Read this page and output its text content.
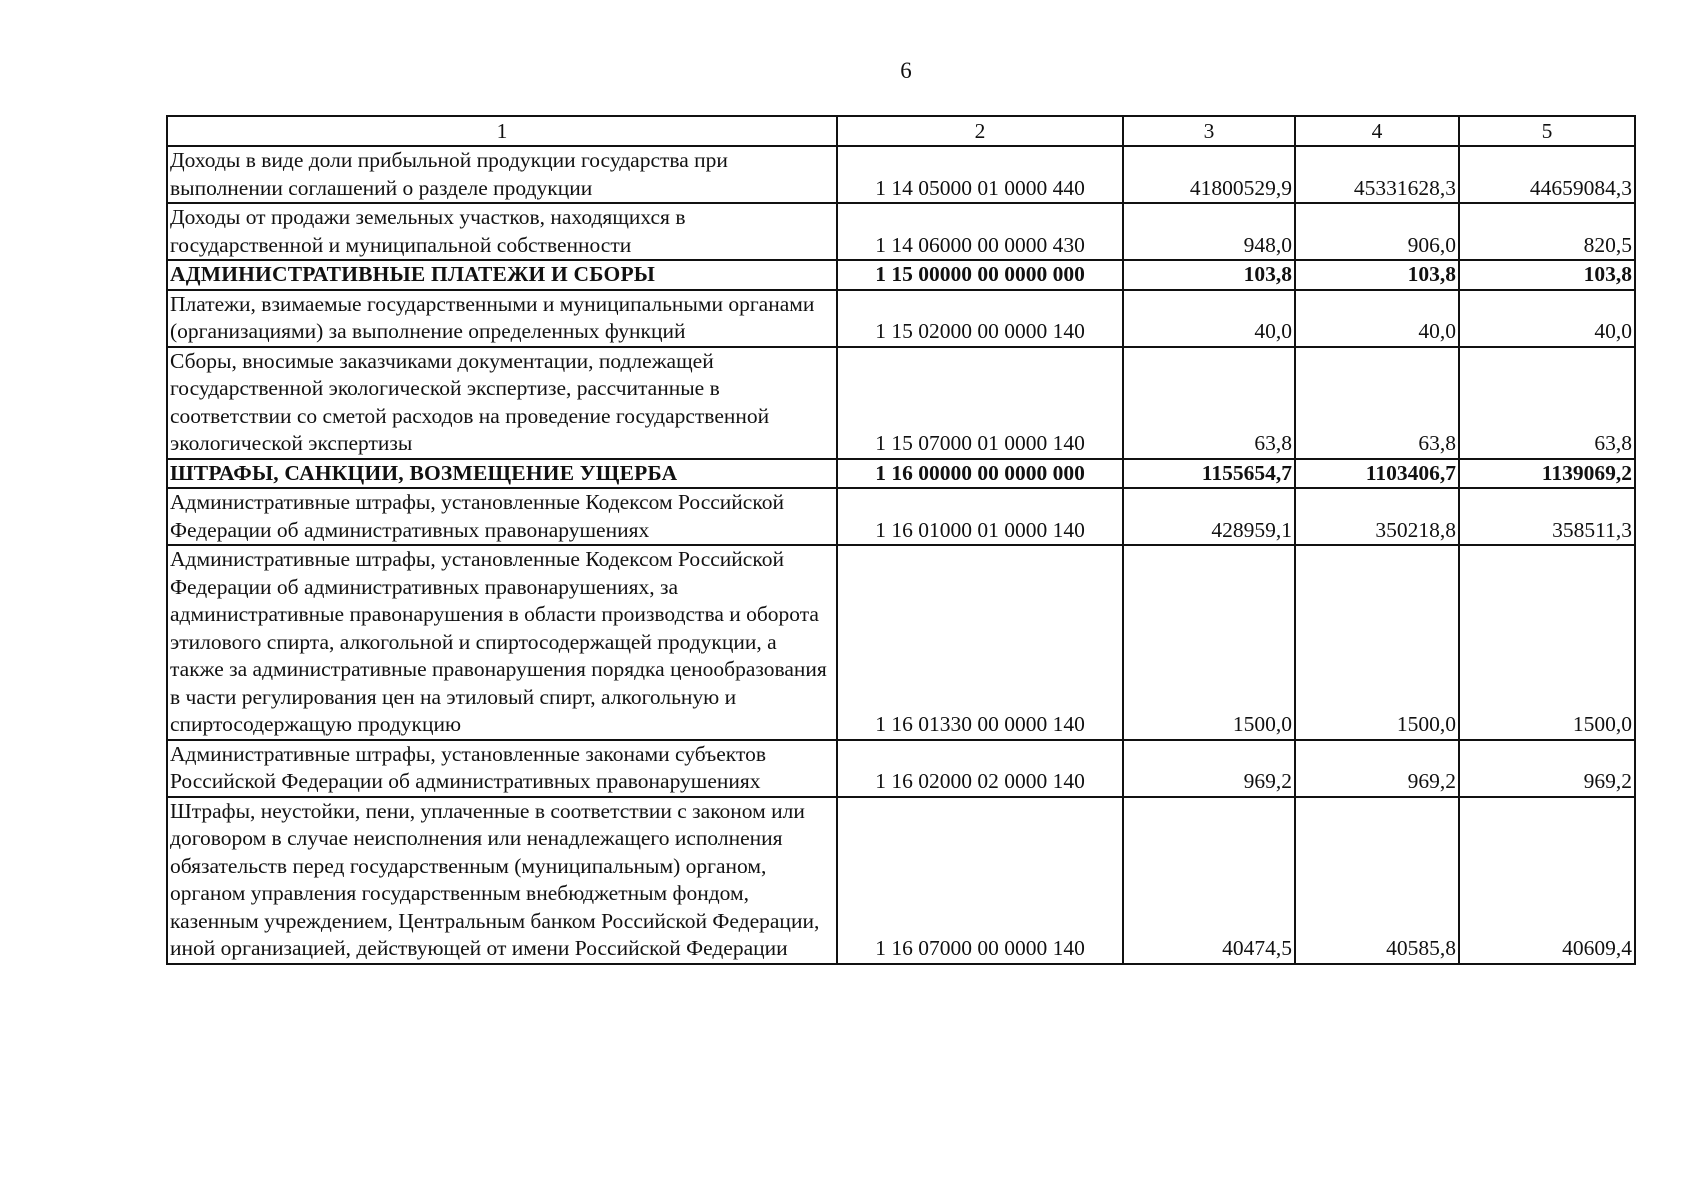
6
1	2	3	4	5
Доходы в виде доли прибыльной продукции государства при выполнении соглашений о разделе продукции	1 14 05000 01 0000 440	41800529,9	45331628,3	44659084,3
Доходы от продажи земельных участков, находящихся в государственной и муниципальной собственности	1 14 06000 00 0000 430	948,0	906,0	820,5
АДМИНИСТРАТИВНЫЕ ПЛАТЕЖИ И СБОРЫ	1 15 00000 00 0000 000	103,8	103,8	103,8
Платежи, взимаемые государственными и муниципальными органами (организациями) за выполнение определенных функций	1 15 02000 00 0000 140	40,0	40,0	40,0
Сборы, вносимые заказчиками документации, подлежащей государственной экологической экспертизе, рассчитанные в соответствии со сметой расходов на проведение государственной экологической экспертизы	1 15 07000 01 0000 140	63,8	63,8	63,8
ШТРАФЫ, САНКЦИИ, ВОЗМЕЩЕНИЕ УЩЕРБА	1 16 00000 00 0000 000	1155654,7	1103406,7	1139069,2
Административные штрафы, установленные Кодексом Российской Федерации об административных правонарушениях	1 16 01000 01 0000 140	428959,1	350218,8	358511,3
Административные штрафы, установленные Кодексом Российской Федерации об административных правонарушениях, за административные правонарушения в области производства и оборота этилового спирта, алкогольной и спиртосодержащей продукции, а также за административные правонарушения порядка ценообразования в части регулирования цен на этиловый спирт, алкогольную и спиртосодержащую продукцию	1 16 01330 00 0000 140	1500,0	1500,0	1500,0
Административные штрафы, установленные законами субъектов Российской Федерации об административных правонарушениях	1 16 02000 02 0000 140	969,2	969,2	969,2
Штрафы, неустойки, пени, уплаченные в соответствии с законом или договором в случае неисполнения или ненадлежащего исполнения обязательств перед государственным (муниципальным) органом, органом управления государственным внебюджетным фондом, казенным учреждением, Центральным банком Российской Федерации, иной организацией, действующей от имени Российской Федерации	1 16 07000 00 0000 140	40474,5	40585,8	40609,4
